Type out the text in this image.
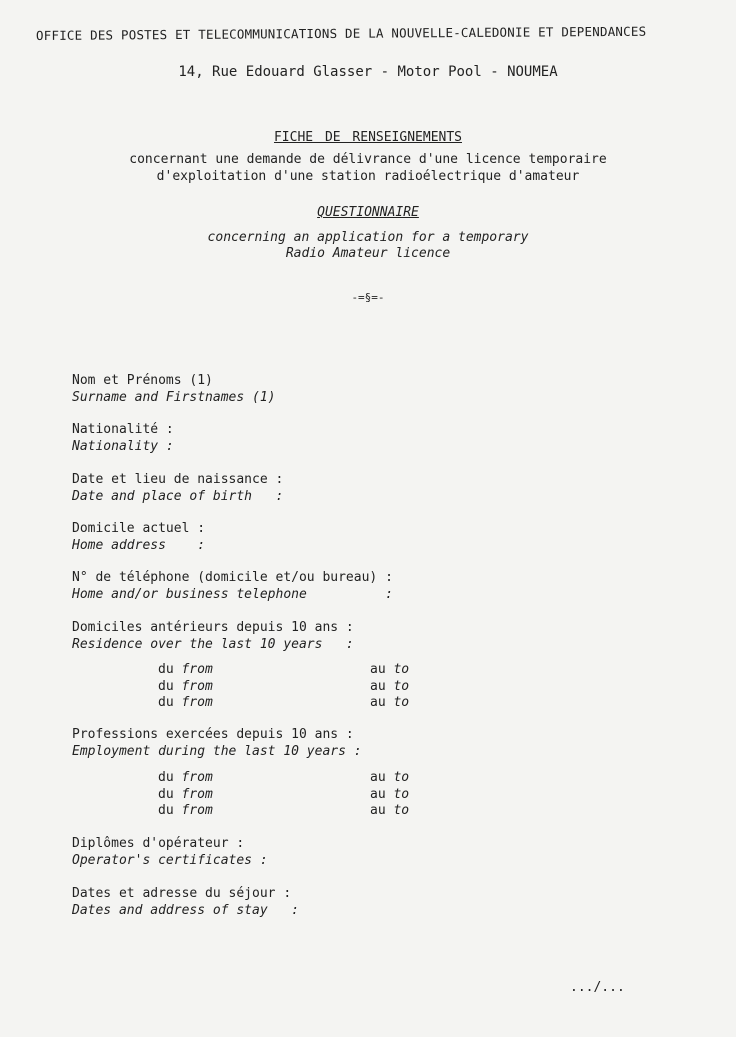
OFFICE DES POSTES ET TELECOMMUNICATIONS DE LA NOUVELLE-CALEDONIE ET DEPENDANCES
14, Rue Edouard Glasser - Motor Pool - NOUMEA
FICHE DE RENSEIGNEMENTS
concernant une demande de délivrance d'une licence temporaire
d'exploitation d'une station radioélectrique d'amateur
QUESTIONNAIRE
concerning an application for a temporary
Radio Amateur licence
-=§=-
Nom et Prénoms (1)
Surname and Firstnames (1)
Nationalité :
Nationality :
Date et lieu de naissance :
Date and place of birth   :
Domicile actuel :
Home address    :
N° de téléphone (domicile et/ou bureau) :
Home and/or business telephone          :
Domiciles antérieurs depuis 10 ans :
Residence over the last 10 years   :
du from	au to
du from	au to
du from	au to
Professions exercées depuis 10 ans :
Employment during the last 10 years :
du from	au to
du from	au to
du from	au to
Diplômes d'opérateur :
Operator's certificates :
Dates et adresse du séjour :
Dates and address of stay   :
.../...
